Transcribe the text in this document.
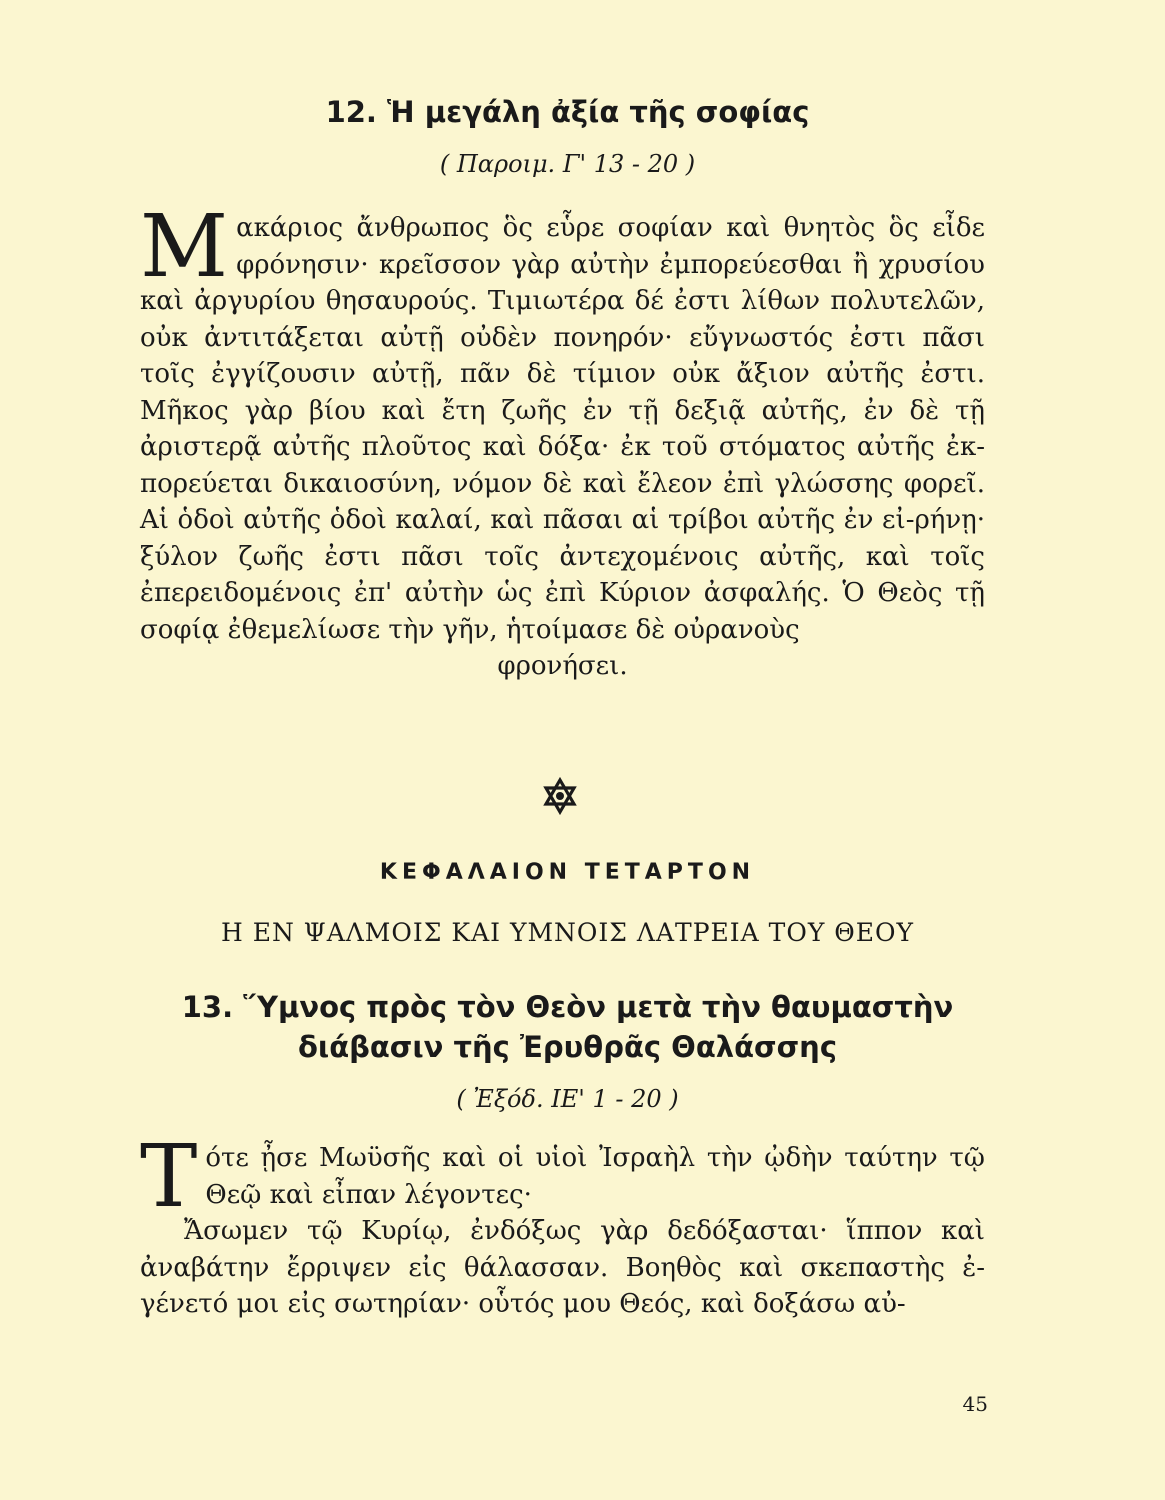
12. Ἡ μεγάλη ἀξία τῆς σοφίας
( Παροιμ. Γ' 13 - 20 )
Μ ακάριος ἄνθρωπος ὃς εὗρε σοφίαν καὶ θνητὸς ὃς εἶδε φρόνησιν· κρεῖσσον γὰρ αὐτὴν ἐμπορεύεσθαι ἢ χρυσίου καὶ ἀργυρίου θησαυρούς. Τιμιωτέρα δέ ἐστι λίθων πολυτελῶν, οὐκ ἀντιτάξεται αὐτῇ οὐδὲν πονηρόν· εὔγνωστός ἐστι πᾶσι τοῖς ἐγγίζουσιν αὐτῇ, πᾶν δὲ τίμιον οὐκ ἄξιον αὐτῆς ἐστι. Μῆκος γὰρ βίου καὶ ἔτη ζωῆς ἐν τῇ δεξιᾷ αὐτῆς, ἐν δὲ τῇ ἀριστερᾷ αὐτῆς πλοῦτος καὶ δόξα· ἐκ τοῦ στόματος αὐτῆς ἐκ-πορεύεται δικαιοσύνη, νόμον δὲ καὶ ἔλεον ἐπὶ γλώσσης φορεῖ. Αἱ ὁδοὶ αὐτῆς ὁδοὶ καλαί, καὶ πᾶσαι αἱ τρίβοι αὐτῆς ἐν εἰ-ρήνῃ· ξύλον ζωῆς ἐστι πᾶσι τοῖς ἀντεχομένοις αὐτῆς, καὶ τοῖς ἐπερειδομένοις ἐπ' αὐτὴν ὡς ἐπὶ Κύριον ἀσφαλής. Ὁ Θεὸς τῇ σοφίᾳ ἐθεμελίωσε τὴν γῆν, ἡτοίμασε δὲ οὐρανοὺς

φρονήσει.

ΚΕΦΑΛΑΙΟΝ ΤΕΤΑΡΤΟΝ
Η ΕΝ ΨΑΛΜΟΙΣ ΚΑΙ ΥΜΝΟΙΣ ΛΑΤΡΕΙΑ ΤΟΥ ΘΕΟΥ
13. Ὕμνος πρὸς τὸν Θεὸν μετὰ τὴν θαυμαστὴν
διάβασιν τῆς Ἐρυθρᾶς Θαλάσσης
( Ἐξόδ. ΙΕ' 1 - 20 )
Τ ότε ᾖσε Μωϋσῆς καὶ οἱ υἱοὶ Ἰσραὴλ τὴν ᾠδὴν ταύτην τῷ Θεῷ καὶ εἶπαν λέγοντες·

Ἄσωμεν τῷ Κυρίῳ, ἐνδόξως γὰρ δεδόξασται· ἵππον καὶ ἀναβάτην ἔρριψεν εἰς θάλασσαν. Βοηθὸς καὶ σκεπαστὴς ἐ-γένετό μοι εἰς σωτηρίαν· οὗτός μου Θεός, καὶ δοξάσω αὐ-

45
